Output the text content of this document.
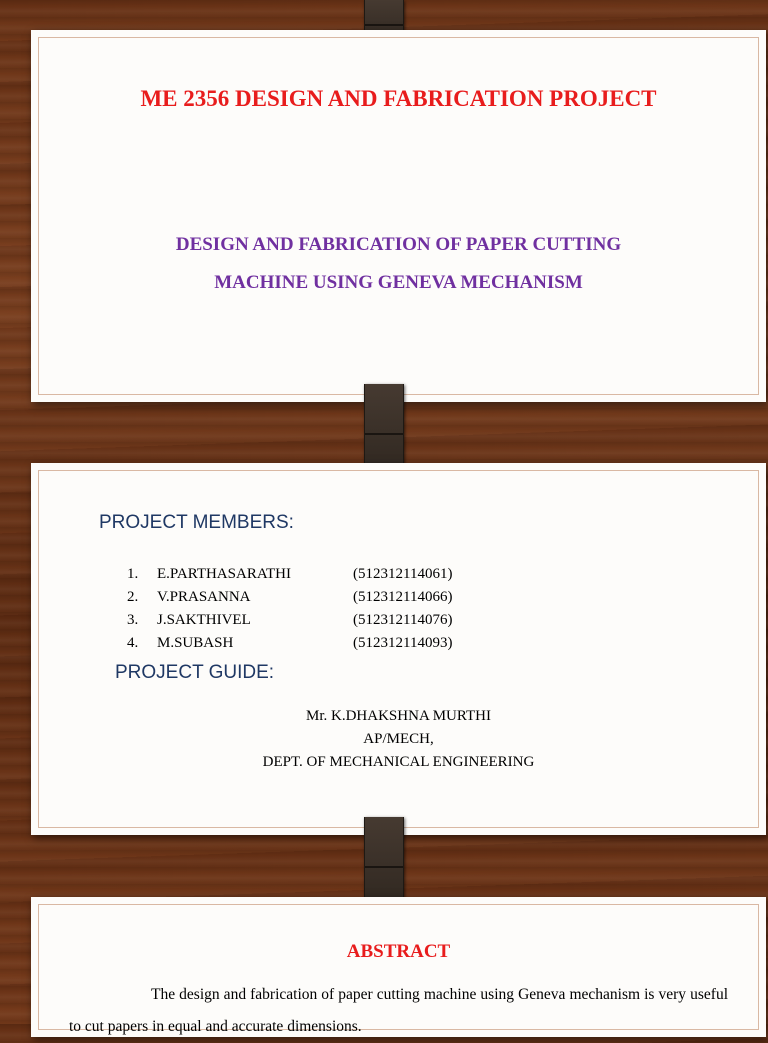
ME 2356 DESIGN AND FABRICATION PROJECT
DESIGN AND FABRICATION OF PAPER CUTTING
MACHINE USING GENEVA MECHANISM
PROJECT MEMBERS:
1. E.PARTHASARATHI	(512312114061)
2. V.PRASANNA	(512312114066)
3. J.SAKTHIVEL	(512312114076)
4. M.SUBASH	(512312114093)
PROJECT GUIDE:
Mr. K.DHAKSHNA MURTHI
AP/MECH,
DEPT. OF MECHANICAL ENGINEERING
ABSTRACT
The design and fabrication of paper cutting machine using Geneva mechanism is very useful to cut papers in equal and accurate dimensions.
